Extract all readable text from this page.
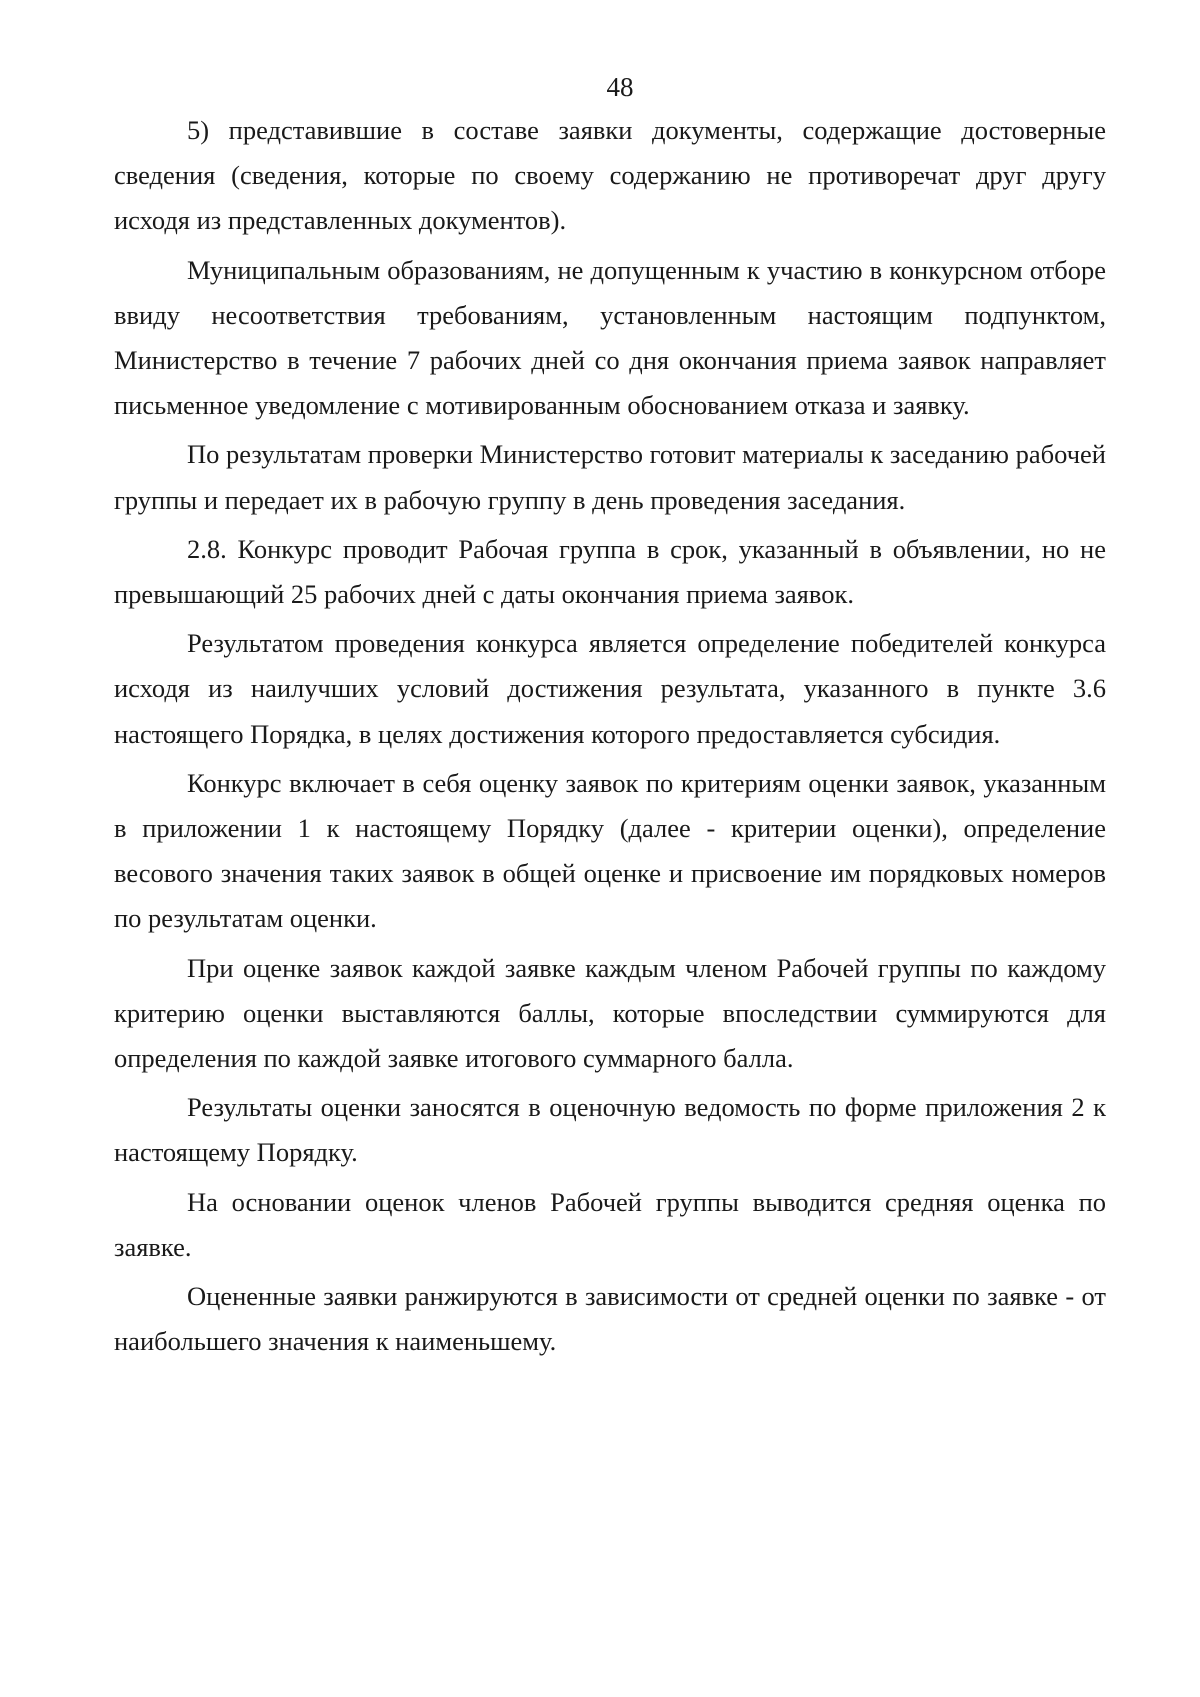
48

5) представившие в составе заявки документы, содержащие достоверные сведения (сведения, которые по своему содержанию не противоречат друг другу исходя из представленных документов).

Муниципальным образованиям, не допущенным к участию в конкурсном отборе ввиду несоответствия требованиям, установленным настоящим подпунктом, Министерство в течение 7 рабочих дней со дня окончания приема заявок направляет письменное уведомление с мотивированным обоснованием отказа и заявку.

По результатам проверки Министерство готовит материалы к заседанию рабочей группы и передает их в рабочую группу в день проведения заседания.

2.8. Конкурс проводит Рабочая группа в срок, указанный в объявлении, но не превышающий 25 рабочих дней с даты окончания приема заявок.

Результатом проведения конкурса является определение победителей конкурса исходя из наилучших условий достижения результата, указанного в пункте 3.6 настоящего Порядка, в целях достижения которого предоставляется субсидия.

Конкурс включает в себя оценку заявок по критериям оценки заявок, указанным в приложении 1 к настоящему Порядку (далее - критерии оценки), определение весового значения таких заявок в общей оценке и присвоение им порядковых номеров по результатам оценки.

При оценке заявок каждой заявке каждым членом Рабочей группы по каждому критерию оценки выставляются баллы, которые впоследствии суммируются для определения по каждой заявке итогового суммарного балла.

Результаты оценки заносятся в оценочную ведомость по форме приложения 2 к настоящему Порядку.

На основании оценок членов Рабочей группы выводится средняя оценка по заявке.

Оцененные заявки ранжируются в зависимости от средней оценки по заявке - от наибольшего значения к наименьшему.
